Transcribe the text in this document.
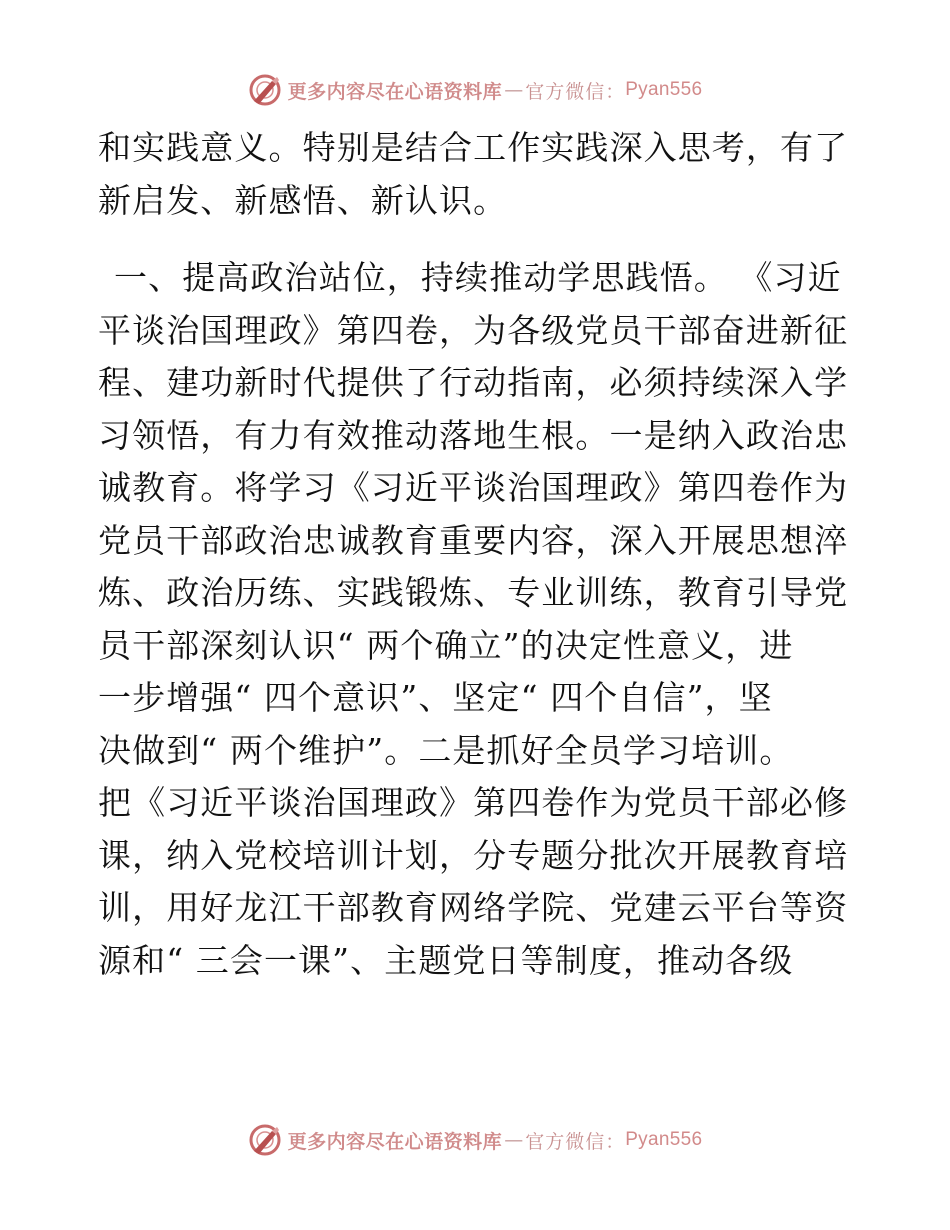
更多内容尽在心语资料库 — 官方微信： Pyan556
和实践意义。特别是结合工作实践深入思考，有了
新启发、新感悟、新认识。
一、提高政治站位，持续推动学思践悟。 《习近
平谈治国理政》第四卷，为各级党员干部奋进新征
程、建功新时代提供了行动指南，必须持续深入学
习领悟，有力有效推动落地生根。一是纳入政治忠
诚教育。将学习《习近平谈治国理政》第四卷作为
党员干部政治忠诚教育重要内容，深入开展思想淬
炼、政治历练、实践锻炼、专业训练，教育引导党
员干部深刻认识“ 两个确立”的决定性意义，进
一步增强“ 四个意识”、坚定“ 四个自信”，坚
决做到“ 两个维护”。二是抓好全员学习培训。
把《习近平谈治国理政》第四卷作为党员干部必修
课，纳入党校培训计划，分专题分批次开展教育培
训，用好龙江干部教育网络学院、党建云平台等资
源和“ 三会一课”、主题党日等制度，推动各级
更多内容尽在心语资料库 — 官方微信： Pyan556
